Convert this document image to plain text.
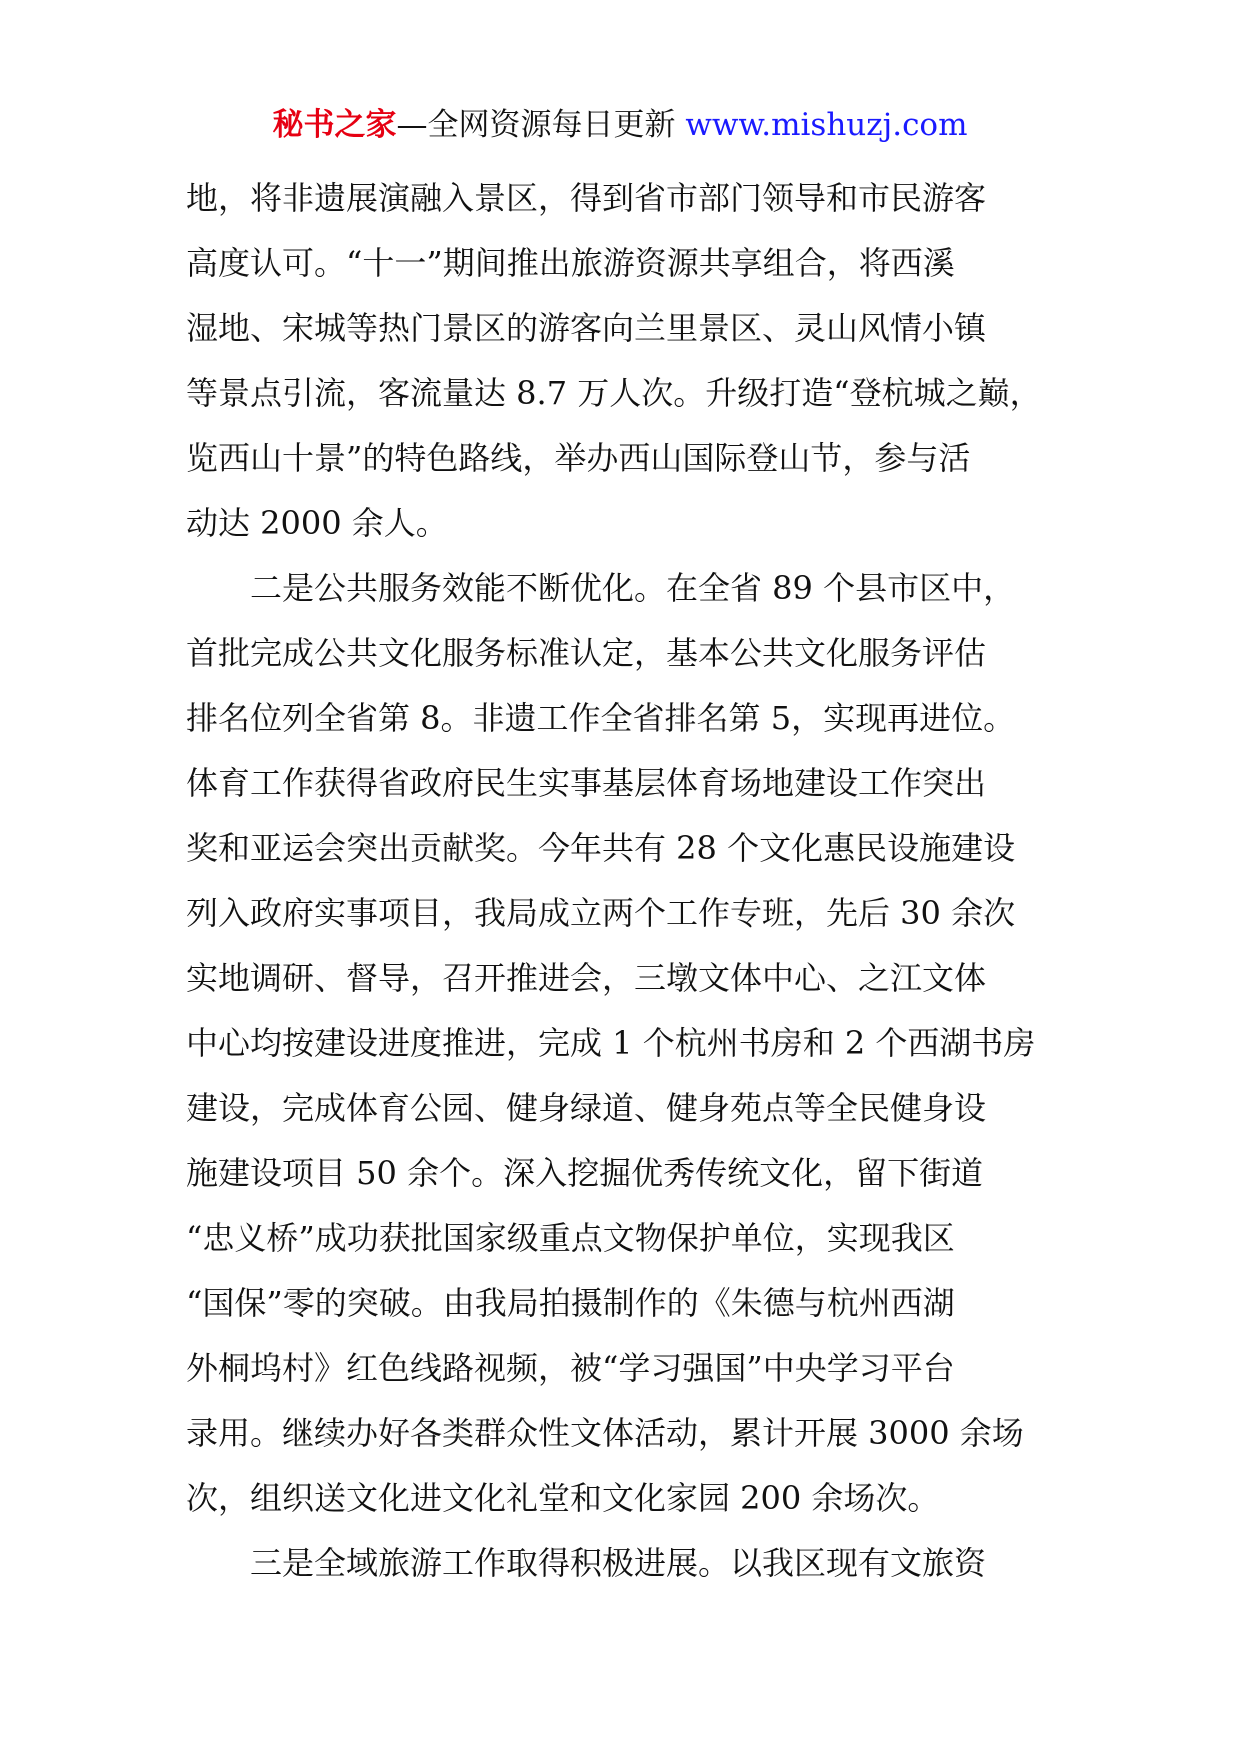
秘书之家—全网资源每日更新 www.mishuzj.com
地，将非遗展演融入景区，得到省市部门领导和市民游客
高度认可。“十一”期间推出旅游资源共享组合，将西溪
湿地、宋城等热门景区的游客向兰里景区、灵山风情小镇
等景点引流，客流量达 8.7 万人次。升级打造“登杭城之巅，
览西山十景”的特色路线，举办西山国际登山节，参与活
动达 2000 余人。
二是公共服务效能不断优化。在全省 89 个县市区中，
首批完成公共文化服务标准认定，基本公共文化服务评估
排名位列全省第 8。非遗工作全省排名第 5，实现再进位。
体育工作获得省政府民生实事基层体育场地建设工作突出
奖和亚运会突出贡献奖。今年共有 28 个文化惠民设施建设
列入政府实事项目，我局成立两个工作专班，先后 30 余次
实地调研、督导，召开推进会，三墩文体中心、之江文体
中心均按建设进度推进，完成 1 个杭州书房和 2 个西湖书房
建设，完成体育公园、健身绿道、健身苑点等全民健身设
施建设项目 50 余个。深入挖掘优秀传统文化，留下街道
“忠义桥”成功获批国家级重点文物保护单位，实现我区
“国保”零的突破。由我局拍摄制作的《朱德与杭州西湖
外桐坞村》红色线路视频，被“学习强国”中央学习平台
录用。继续办好各类群众性文体活动，累计开展 3000 余场
次，组织送文化进文化礼堂和文化家园 200 余场次。
三是全域旅游工作取得积极进展。以我区现有文旅资
